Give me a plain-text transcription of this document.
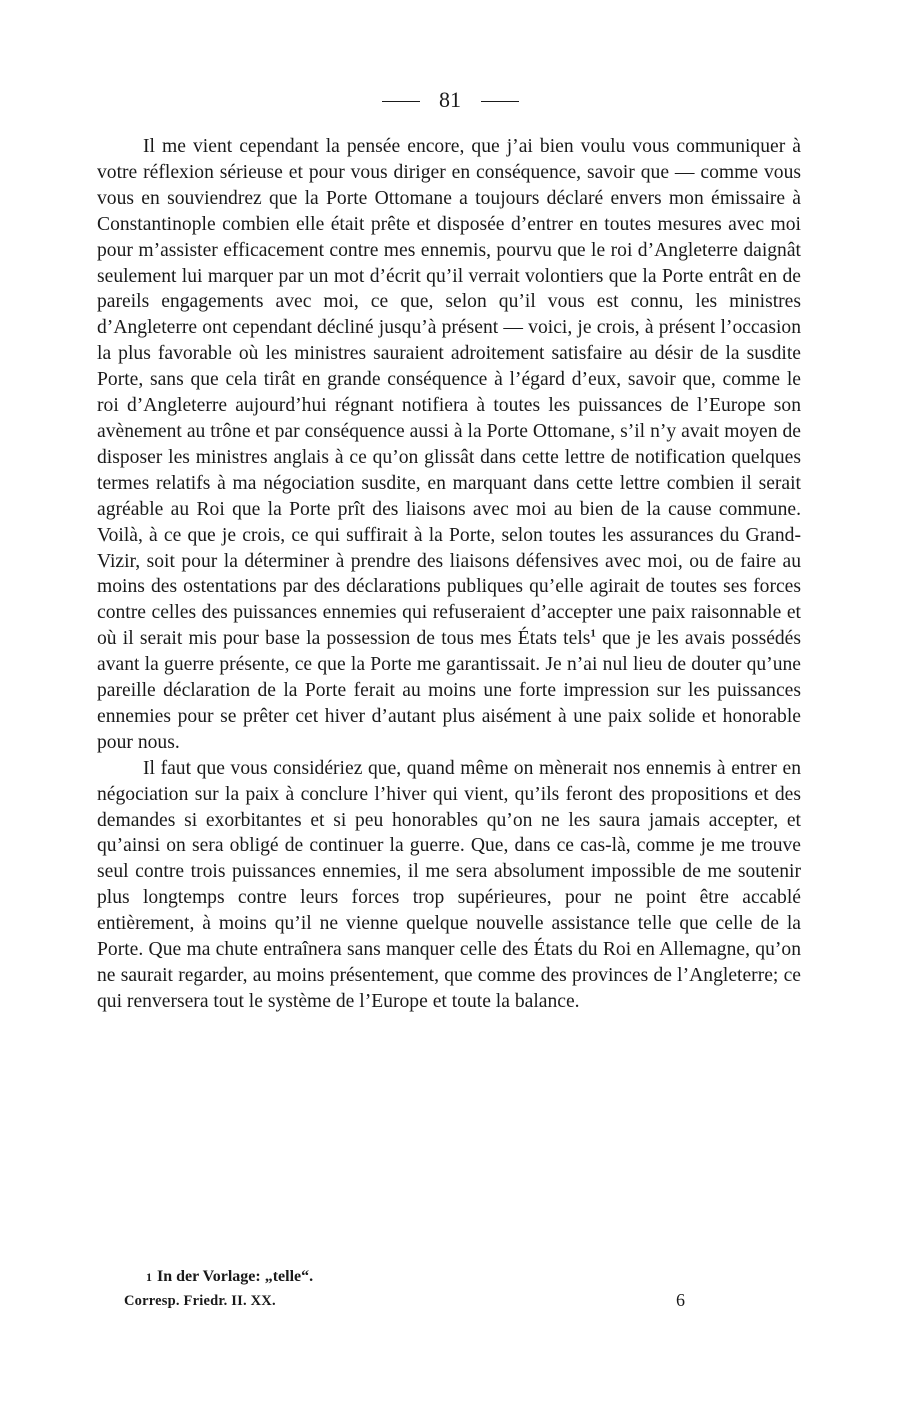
81

Il me vient cependant la pensée encore, que j’ai bien voulu vous communiquer à votre réflexion sérieuse et pour vous diriger en conséquence, savoir que — comme vous vous en souviendrez que la Porte Ottomane a toujours déclaré envers mon émissaire à Constantinople combien elle était prête et disposée d’entrer en toutes mesures avec moi pour m’assister efficacement contre mes ennemis, pourvu que le roi d’Angleterre daignât seulement lui marquer par un mot d’écrit qu’il verrait volontiers que la Porte entrât en de pareils engagements avec moi, ce que, selon qu’il vous est connu, les ministres d’Angleterre ont cependant décliné jusqu’à présent — voici, je crois, à présent l’occasion la plus favorable où les ministres sauraient adroitement satisfaire au désir de la susdite Porte, sans que cela tirât en grande conséquence à l’égard d’eux, savoir que, comme le roi d’Angleterre aujourd’hui régnant notifiera à toutes les puissances de l’Europe son avènement au trône et par conséquence aussi à la Porte Ottomane, s’il n’y avait moyen de disposer les ministres anglais à ce qu’on glissât dans cette lettre de notification quelques termes relatifs à ma négociation susdite, en marquant dans cette lettre combien il serait agréable au Roi que la Porte prît des liaisons avec moi au bien de la cause commune. Voilà, à ce que je crois, ce qui suffirait à la Porte, selon toutes les assurances du Grand-Vizir, soit pour la déterminer à prendre des liaisons défensives avec moi, ou de faire au moins des ostentations par des déclarations publiques qu’elle agirait de toutes ses forces contre celles des puissances ennemies qui refuseraient d’accepter une paix raisonnable et où il serait mis pour base la possession de tous mes États tels$^1$ que je les avais possédés avant la guerre présente, ce que la Porte me garantissait. Je n’ai nul lieu de douter qu’une pareille déclaration de la Porte ferait au moins une forte impression sur les puissances ennemies pour se prêter cet hiver d’autant plus aisément à une paix solide et honorable pour nous.

Il faut que vous considériez que, quand même on mènerait nos ennemis à entrer en négociation sur la paix à conclure l’hiver qui vient, qu’ils feront des propositions et des demandes si exorbitantes et si peu honorables qu’on ne les saura jamais accepter, et qu’ainsi on sera obligé de continuer la guerre. Que, dans ce cas-là, comme je me trouve seul contre trois puissances ennemies, il me sera absolument impossible de me soutenir plus longtemps contre leurs forces trop supérieures, pour ne point être accablé entièrement, à moins qu’il ne vienne quelque nouvelle assistance telle que celle de la Porte. Que ma chute entraînera sans manquer celle des États du Roi en Allemagne, qu’on ne saurait regarder, au moins présentement, que comme des provinces de l’Angleterre; ce qui renversera tout le système de l’Europe et toute la balance.

1 In der Vorlage: „telle“.
Corresp. Friedr. II. XX.	6
